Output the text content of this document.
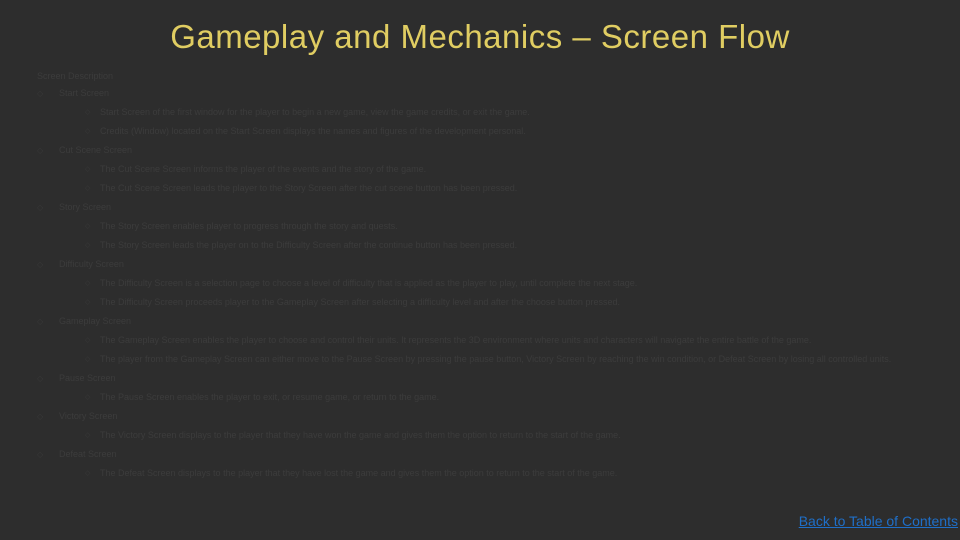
Gameplay and Mechanics – Screen Flow

Screen Description

◇	Start Screen
◇	Start Screen of the first window for the player to begin a new game, view the game credits, or exit the game.
◇	Credits (Window) located on the Start Screen displays the names and figures of the development personal.
◇	Cut Scene Screen
◇	The Cut Scene Screen informs the player of the events and the story of the game.
◇	The Cut Scene Screen leads the player to the Story Screen after the cut scene button has been pressed.
◇	Story Screen
◇	The Story Screen enables player to progress through the story and quests.
◇	The Story Screen leads the player on to the Difficulty Screen after the continue button has been pressed.
◇	Difficulty Screen
◇	The Difficulty Screen is a selection page to choose a level of difficulty that is applied as the player to play, until complete the next stage.
◇	The Difficulty Screen proceeds player to the Gameplay Screen after selecting a difficulty level and after the choose button pressed.
◇	Gameplay Screen
◇	The Gameplay Screen enables the player to choose and control their units. It represents the 3D environment where units and characters will navigate the entire battle of the game.
◇	The player from the Gameplay Screen can either move to the Pause Screen by pressing the pause button, Victory Screen by reaching the win condition, or Defeat Screen by losing all controlled units.
◇	Pause Screen
◇	The Pause Screen enables the player to exit, or resume game, or return to the game.
◇	Victory Screen
◇	The Victory Screen displays to the player that they have won the game and gives them the option to return to the start of the game.
◇	Defeat Screen
◇	The Defeat Screen displays to the player that they have lost the game and gives them the option to return to the start of the game.
Back to Table of Contents
